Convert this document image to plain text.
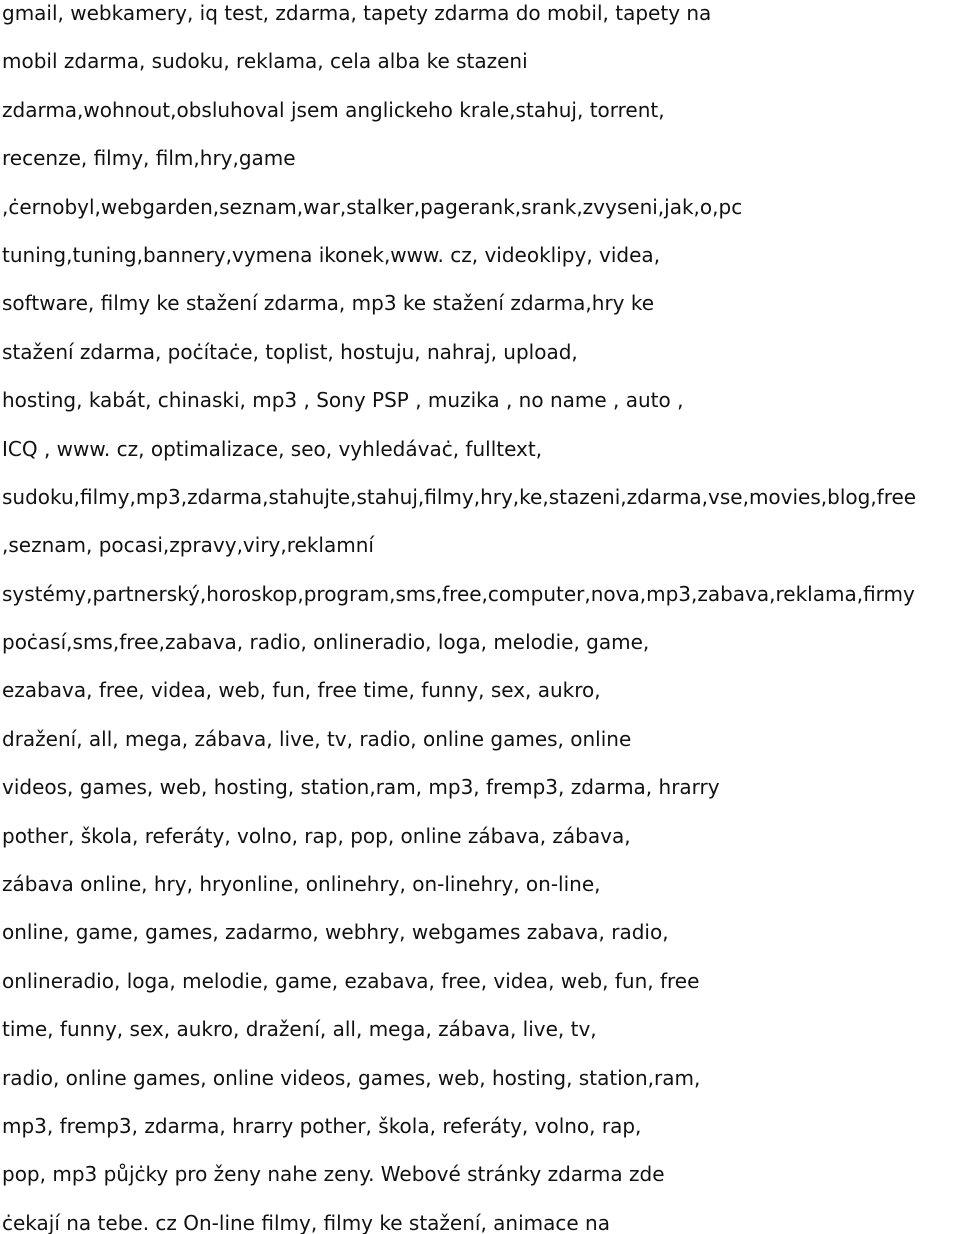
gmail, webkamery, iq test, zdarma, tapety zdarma do mobil, tapety na
mobil zdarma, sudoku, reklama, cela alba ke stazeni
zdarma,wohnout,obsluhoval jsem anglickeho krale,stahuj, torrent,
recenze, filmy, film,hry,game
,ċernobyl,webgarden,seznam,war,stalker,pagerank,srank,zvyseni,jak,o,pc
tuning,tuning,bannery,vymena ikonek,www. cz, videoklipy, videa,
software, filmy ke stažení zdarma, mp3 ke stažení zdarma,hry ke
stažení zdarma, poċítaċe, toplist, hostuju, nahraj, upload,
hosting, kabát, chinaski, mp3 , Sony PSP , muzika , no name , auto ,
ICQ , www. cz, optimalizace, seo, vyhledávaċ, fulltext,
sudoku,filmy,mp3,zdarma,stahujte,stahuj,filmy,hry,ke,stazeni,zdarma,vse,movies,blog,free
,seznam, pocasi,zpravy,viry,reklamní
systémy,partnerský,horoskop,program,sms,free,computer,nova,mp3,zabava,reklama,firmy
poċasí,sms,free,zabava, radio, onlineradio, loga, melodie, game,
ezabava, free, videa, web, fun, free time, funny, sex, aukro,
dražení, all, mega, zábava, live, tv, radio, online games, online
videos, games, web, hosting, station,ram, mp3, fremp3, zdarma, hrarry
pother, škola, referáty, volno, rap, pop, online zábava, zábava,
zábava online, hry, hryonline, onlinehry, on-linehry, on-line,
online, game, games, zadarmo, webhry, webgames zabava, radio,
onlineradio, loga, melodie, game, ezabava, free, videa, web, fun, free
time, funny, sex, aukro, dražení, all, mega, zábava, live, tv,
radio, online games, online videos, games, web, hosting, station,ram,
mp3, fremp3, zdarma, hrarry pother, škola, referáty, volno, rap,
pop, mp3 půjċky pro ženy nahe zeny. Webové stránky zdarma zde
ċekají na tebe. cz On-line filmy, filmy ke stažení, animace na
